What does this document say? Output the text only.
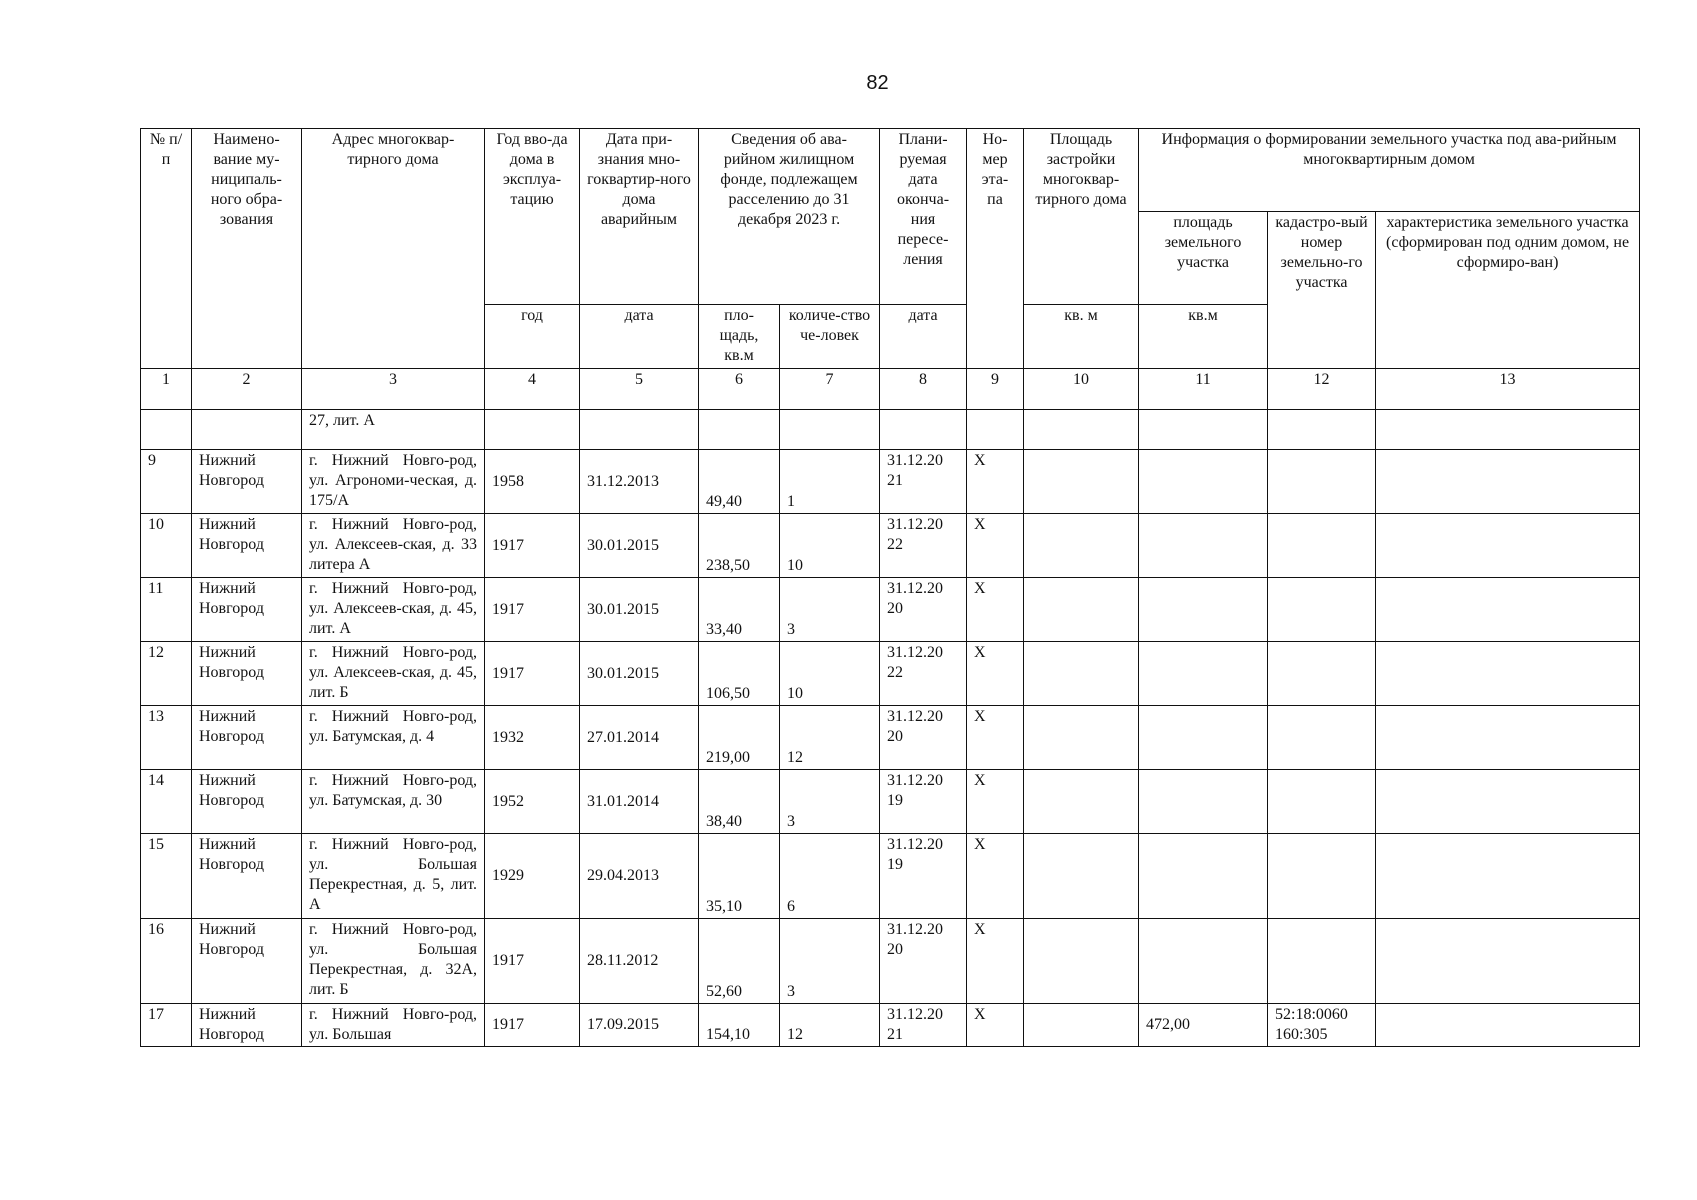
82
№ п/п	Наимено-вание му-ниципаль-ного обра-зования	Адрес многоквар-тирного дома	Год вво-да дома в эксплуа-тацию	Дата при-знания мно-гоквартир-ного дома аварийным	Сведения об ава-рийном жилищном фонде, подлежащем расселению до 31 декабря 2023 г.		Плани-руемая дата оконча-ния пересе-ления	Но-мер эта-па	Площадь застройки многоквар-тирного дома	Информация о формировании земельного участка под ава-рийным многоквартирным домом		
										площадь земельного участка	кадастро-вый номер земельно-го участка	характеристика земельного участка (сформирован под одним домом, не сформиро-ван)
			год	дата	пло-щадь, кв.м	количе-ство че-ловек	дата		кв. м	кв.м		
1	2	3	4	5	6	7	8	9	10	11	12	13
		27, лит. А										
9	Нижний Новгород	г. Нижний Новго-род, ул. Агрономи-ческая, д. 175/А	1958	31.12.2013	49,40	1	31.12.20 21	Х				
10	Нижний Новгород	г. Нижний Новго-род, ул. Алексеев-ская, д. 33 литера А	1917	30.01.2015	238,50	10	31.12.20 22	Х				
11	Нижний Новгород	г. Нижний Новго-род, ул. Алексеев-ская, д. 45, лит. А	1917	30.01.2015	33,40	3	31.12.20 20	Х				
12	Нижний Новгород	г. Нижний Новго-род, ул. Алексеев-ская, д. 45, лит. Б	1917	30.01.2015	106,50	10	31.12.20 22	Х				
13	Нижний Новгород	г. Нижний Новго-род, ул. Батумская, д. 4	1932	27.01.2014	219,00	12	31.12.20 20	Х				
14	Нижний Новгород	г. Нижний Новго-род, ул. Батумская, д. 30	1952	31.01.2014	38,40	3	31.12.20 19	Х				
15	Нижний Новгород	г. Нижний Новго-род, ул. Большая Перекрестная, д. 5, лит. А	1929	29.04.2013	35,10	6	31.12.20 19	Х				
16	Нижний Новгород	г. Нижний Новго-род, ул. Большая Перекрестная, д. 32А, лит. Б	1917	28.11.2012	52,60	3	31.12.20 20	Х				
17	Нижний Новгород	г. Нижний Новго-род, ул. Большая	1917	17.09.2015	154,10	12	31.12.20 21	Х		472,00	52:18:0060 160:305	
